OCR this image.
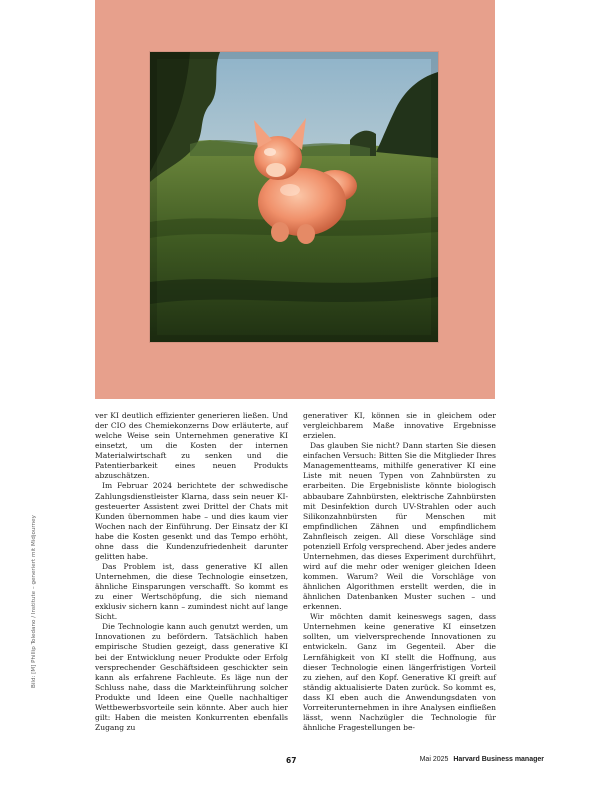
Bild: [M] Phillip Toledano / Institute – generiert mit Midjourney

ver KI deutlich effizienter generieren ließen. Und der CIO des Chemiekonzerns Dow erläuterte, auf welche Weise sein Unternehmen generative KI einsetzt, um die Kosten der internen Materialwirtschaft zu senken und die Patentierbarkeit eines neuen Produkts abzuschätzen.

Im Februar 2024 berichtete der schwedische Zahlungsdienstleister Klarna, dass sein neuer KI-gesteuerter Assistent zwei Drittel der Chats mit Kunden übernommen habe – und dies kaum vier Wochen nach der Einführung. Der Einsatz der KI habe die Kosten gesenkt und das Tempo erhöht, ohne dass die Kundenzufriedenheit darunter gelitten habe.

Das Problem ist, dass generative KI allen Unternehmen, die diese Technologie einsetzen, ähnliche Einsparungen verschafft. So kommt es zu einer Wertschöpfung, die sich niemand exklusiv sichern kann – zumindest nicht auf lange Sicht.

Die Technologie kann auch genutzt werden, um Innovationen zu befördern. Tatsächlich haben empirische Studien gezeigt, dass generative KI bei der Entwicklung neuer Produkte oder Erfolg versprechender Geschäftsideen geschickter sein kann als erfahrene Fachleute. Es läge nun der Schluss nahe, dass die Markteinführung solcher Produkte und Ideen eine Quelle nachhaltiger Wettbewerbsvorteile sein könnte. Aber auch hier gilt: Haben die meisten Konkurrenten ebenfalls Zugang zu

generativer KI, können sie in gleichem oder vergleichbarem Maße innovative Ergebnisse erzielen.

Das glauben Sie nicht? Dann starten Sie diesen einfachen Versuch: Bitten Sie die Mitglieder Ihres Managementteams, mithilfe generativer KI eine Liste mit neuen Typen von Zahnbürsten zu erarbeiten. Die Ergebnisliste könnte biologisch abbaubare Zahnbürsten, elektrische Zahnbürsten mit Desinfektion durch UV-Strahlen oder auch Silikonzahnbürsten für Menschen mit empfindlichen Zähnen und empfindlichem Zahnfleisch zeigen. All diese Vorschläge sind potenziell Erfolg versprechend. Aber jedes andere Unternehmen, das dieses Experiment durchführt, wird auf die mehr oder weniger gleichen Ideen kommen. Warum? Weil die Vorschläge von ähnlichen Algorithmen erstellt werden, die in ähnlichen Datenbanken Muster suchen – und erkennen.

Wir möchten damit keineswegs sagen, dass Unternehmen keine generative KI einsetzen sollten, um vielversprechende Innovationen zu entwickeln. Ganz im Gegenteil. Aber die Lernfähigkeit von KI stellt die Hoffnung, aus dieser Technologie einen längerfristigen Vorteil zu ziehen, auf den Kopf. Generative KI greift auf ständig aktualisierte Daten zurück. So kommt es, dass KI eben auch die Anwendungsdaten von Vorreiterunternehmen in ihre Analysen einfließen lässt, wenn Nachzügler die Technologie für ähnliche Fragestellungen be-

67	Mai 2025 Harvard Business manager
